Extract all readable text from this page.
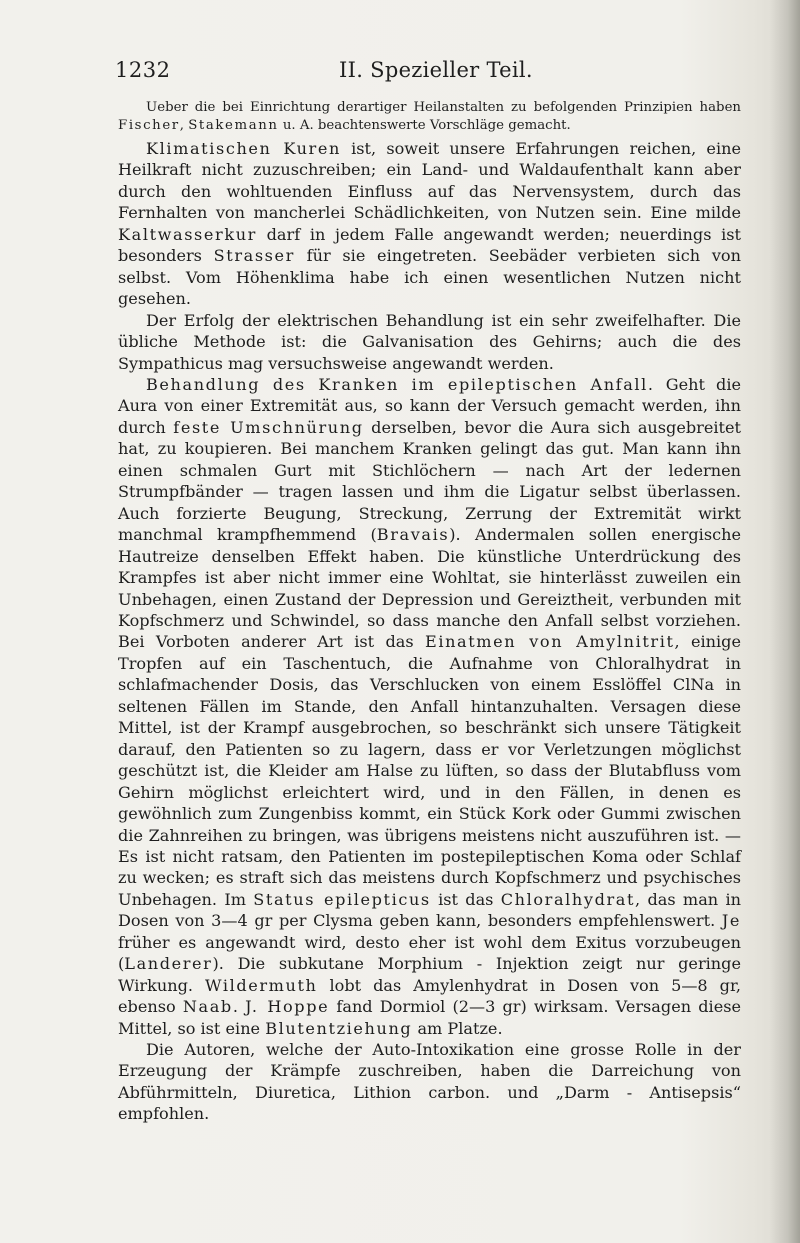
1232	II. Spezieller Teil.
Ueber die bei Einrichtung derartiger Heilanstalten zu befolgenden Prinzipien haben Fischer, Stakemann u. A. beachtenswerte Vorschläge gemacht.

Klimatischen Kuren ist, soweit unsere Erfahrungen reichen, eine Heilkraft nicht zuzuschreiben; ein Land- und Waldaufenthalt kann aber durch den wohltuenden Einfluss auf das Nervensystem, durch das Fernhalten von mancherlei Schädlichkeiten, von Nutzen sein. Eine milde Kaltwasserkur darf in jedem Falle angewandt werden; neuerdings ist besonders Strasser für sie eingetreten. Seebäder verbieten sich von selbst. Vom Höhenklima habe ich einen wesentlichen Nutzen nicht gesehen.

Der Erfolg der elektrischen Behandlung ist ein sehr zweifelhafter. Die übliche Methode ist: die Galvanisation des Gehirns; auch die des Sympathicus mag versuchsweise angewandt werden.

Behandlung des Kranken im epileptischen Anfall. Geht die Aura von einer Extremität aus, so kann der Versuch gemacht werden, ihn durch feste Umschnürung derselben, bevor die Aura sich ausgebreitet hat, zu koupieren. Bei manchem Kranken gelingt das gut. Man kann ihn einen schmalen Gurt mit Stichlöchern — nach Art der ledernen Strumpfbänder — tragen lassen und ihm die Ligatur selbst überlassen. Auch forzierte Beugung, Streckung, Zerrung der Extremität wirkt manchmal krampfhemmend (Bravais). Andermalen sollen energische Hautreize denselben Effekt haben. Die künstliche Unterdrückung des Krampfes ist aber nicht immer eine Wohltat, sie hinterlässt zuweilen ein Unbehagen, einen Zustand der Depression und Gereiztheit, verbunden mit Kopfschmerz und Schwindel, so dass manche den Anfall selbst vorziehen. Bei Vorboten anderer Art ist das Einatmen von Amylnitrit, einige Tropfen auf ein Taschentuch, die Aufnahme von Chloralhydrat in schlafmachender Dosis, das Verschlucken von einem Esslöffel ClNa in seltenen Fällen im Stande, den Anfall hintanzuhalten. Versagen diese Mittel, ist der Krampf ausgebrochen, so beschränkt sich unsere Tätigkeit darauf, den Patienten so zu lagern, dass er vor Verletzungen möglichst geschützt ist, die Kleider am Halse zu lüften, so dass der Blutabfluss vom Gehirn möglichst erleichtert wird, und in den Fällen, in denen es gewöhnlich zum Zungenbiss kommt, ein Stück Kork oder Gummi zwischen die Zahnreihen zu bringen, was übrigens meistens nicht auszuführen ist. — Es ist nicht ratsam, den Patienten im postepileptischen Koma oder Schlaf zu wecken; es straft sich das meistens durch Kopfschmerz und psychisches Unbehagen. Im Status epilepticus ist das Chloralhydrat, das man in Dosen von 3—4 gr per Clysma geben kann, besonders empfehlenswert. Je früher es angewandt wird, desto eher ist wohl dem Exitus vorzubeugen (Landerer). Die subkutane Morphium - Injektion zeigt nur geringe Wirkung. Wildermuth lobt das Amylenhydrat in Dosen von 5—8 gr, ebenso Naab. J. Hoppe fand Dormiol (2—3 gr) wirksam. Versagen diese Mittel, so ist eine Blutentziehung am Platze.

Die Autoren, welche der Auto-Intoxikation eine grosse Rolle in der Erzeugung der Krämpfe zuschreiben, haben die Darreichung von Abführmitteln, Diuretica, Lithion carbon. und „Darm - Antisepsis“ empfohlen.
